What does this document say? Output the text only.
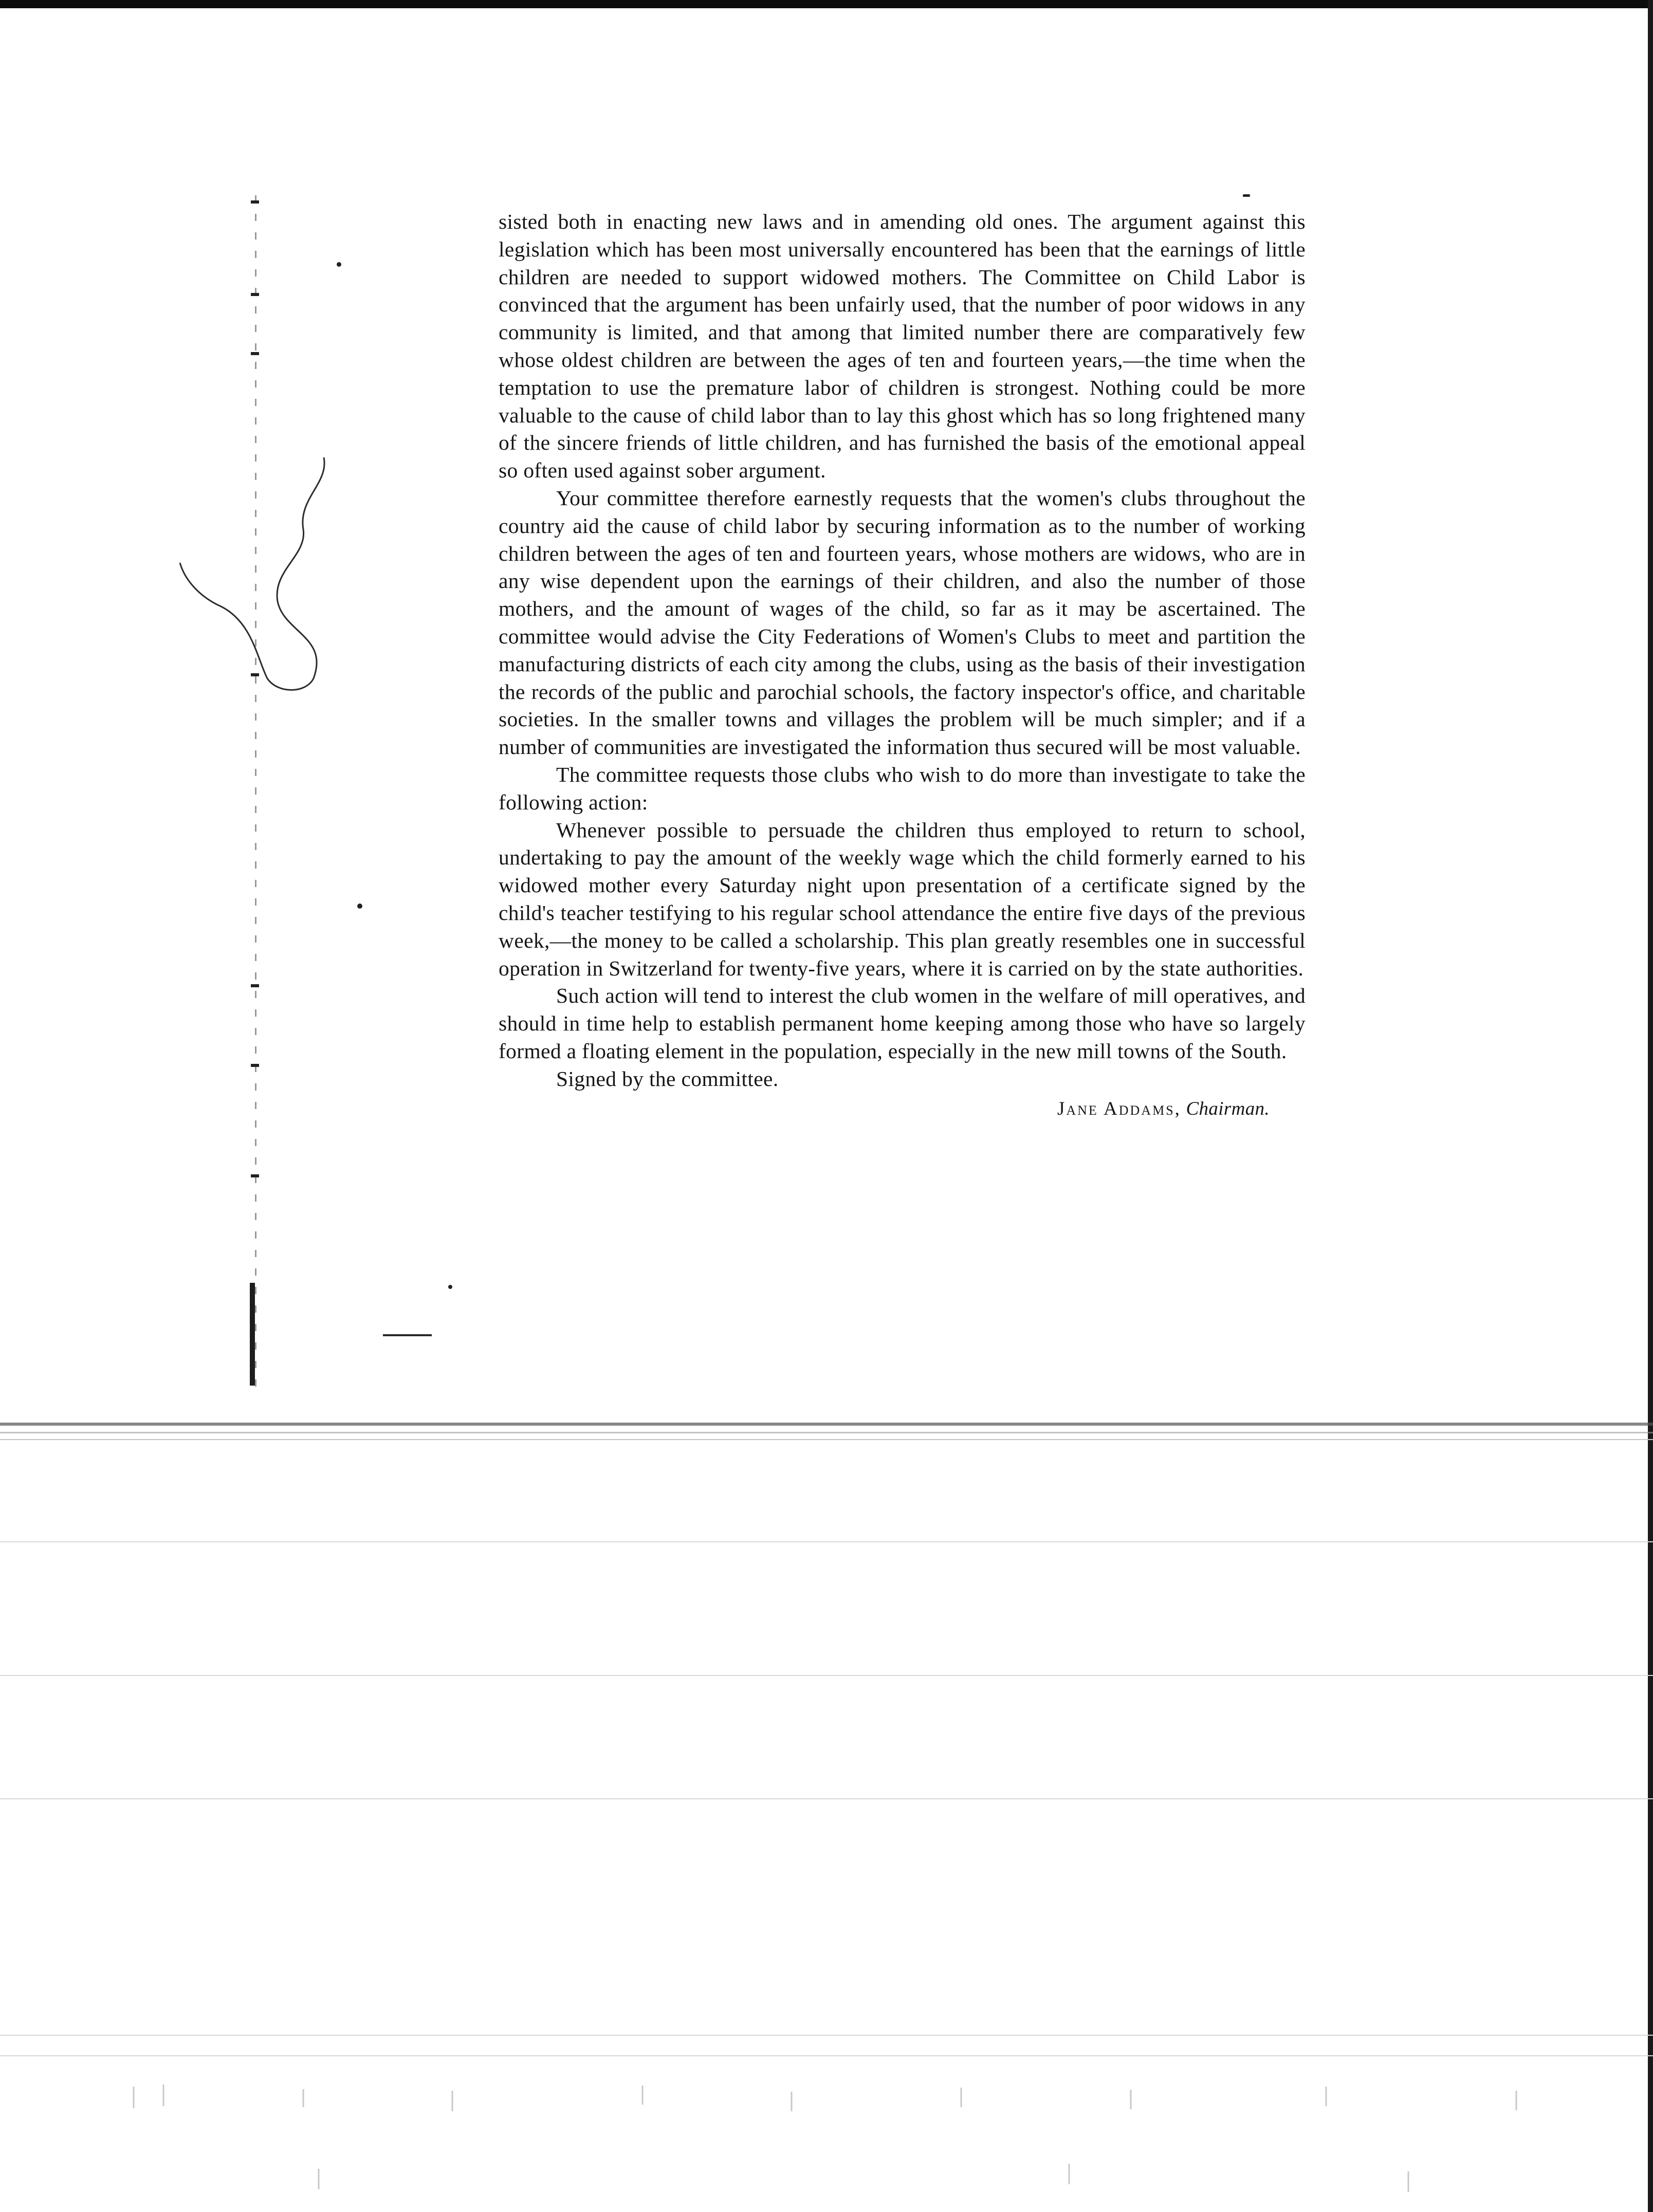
sisted both in enacting new laws and in amending old ones. The argument against this legislation which has been most universally encountered has been that the earnings of little children are needed to support widowed mothers. The Committee on Child Labor is convinced that the argument has been unfairly used, that the number of poor widows in any community is limited, and that among that limited number there are comparatively few whose oldest children are between the ages of ten and fourteen years,—the time when the temptation to use the premature labor of children is strongest. Nothing could be more valuable to the cause of child labor than to lay this ghost which has so long frightened many of the sincere friends of little children, and has furnished the basis of the emotional appeal so often used against sober argument.

Your committee therefore earnestly requests that the women's clubs throughout the country aid the cause of child labor by securing information as to the number of working children between the ages of ten and fourteen years, whose mothers are widows, who are in any wise dependent upon the earnings of their children, and also the number of those mothers, and the amount of wages of the child, so far as it may be ascertained. The committee would advise the City Federations of Women's Clubs to meet and partition the manufacturing districts of each city among the clubs, using as the basis of their investigation the records of the public and parochial schools, the factory inspector's office, and charitable societies. In the smaller towns and villages the problem will be much simpler; and if a number of communities are investigated the information thus secured will be most valuable.

The committee requests those clubs who wish to do more than investigate to take the following action:

Whenever possible to persuade the children thus employed to return to school, undertaking to pay the amount of the weekly wage which the child formerly earned to his widowed mother every Saturday night upon presentation of a certificate signed by the child's teacher testifying to his regular school attendance the entire five days of the previous week,—the money to be called a scholarship. This plan greatly resembles one in successful operation in Switzerland for twenty-five years, where it is carried on by the state authorities.

Such action will tend to interest the club women in the welfare of mill operatives, and should in time help to establish permanent home keeping among those who have so largely formed a floating element in the population, especially in the new mill towns of the South.

Signed by the committee.

Jane Addams, Chairman.
